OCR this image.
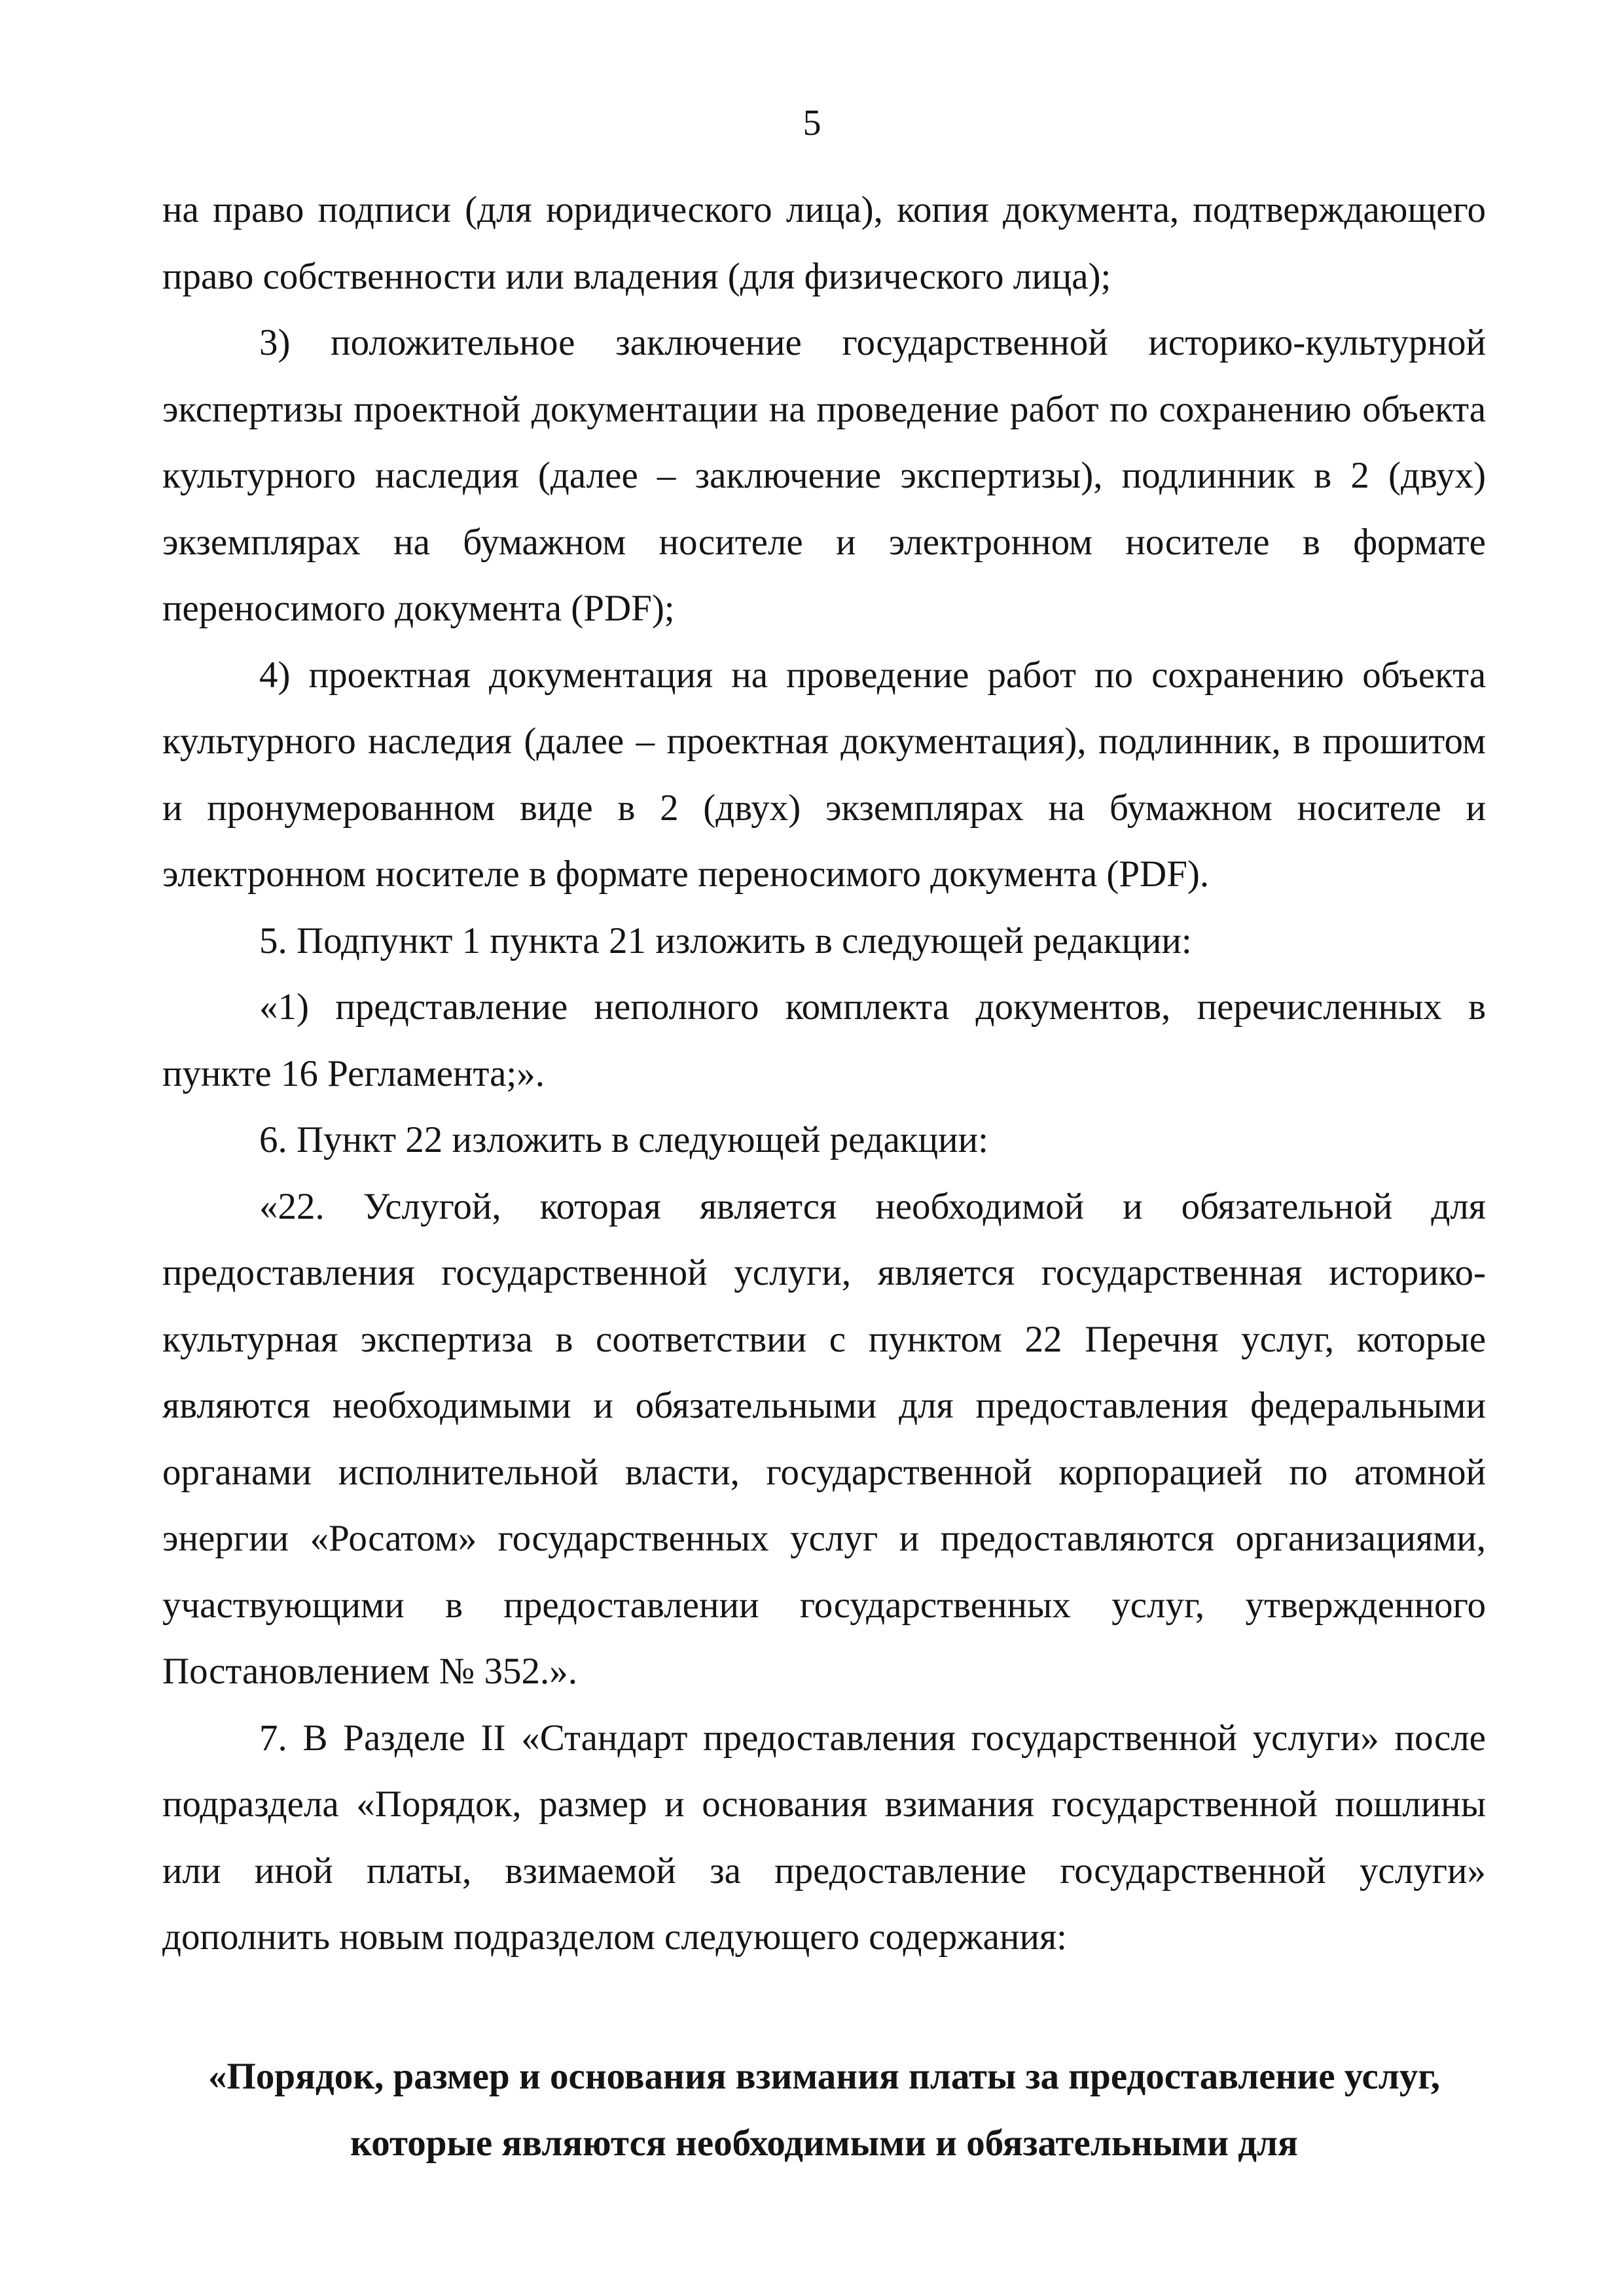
5

на право подписи (для юридического лица), копия документа, подтверждающего право собственности или владения (для физического лица);

3) положительное заключение государственной историко-культурной экспертизы проектной документации на проведение работ по сохранению объекта культурного наследия (далее – заключение экспертизы), подлинник в 2 (двух) экземплярах на бумажном носителе и электронном носителе в формате переносимого документа (PDF);

4) проектная документация на проведение работ по сохранению объекта культурного наследия (далее – проектная документация), подлинник, в прошитом и пронумерованном виде в 2 (двух) экземплярах на бумажном носителе и электронном носителе в формате переносимого документа (PDF).

5. Подпункт 1 пункта 21 изложить в следующей редакции:

«1) представление неполного комплекта документов, перечисленных в пункте 16 Регламента;».

6. Пункт 22 изложить в следующей редакции:

«22. Услугой, которая является необходимой и обязательной для предоставления государственной услуги, является государственная историко-культурная экспертиза в соответствии с пунктом 22 Перечня услуг, которые являются необходимыми и обязательными для предоставления федеральными органами исполнительной власти, государственной корпорацией по атомной энергии «Росатом» государственных услуг и предоставляются организациями, участвующими в предоставлении государственных услуг, утвержденного Постановлением № 352.».

7. В Разделе II «Стандарт предоставления государственной услуги» после подраздела «Порядок, размер и основания взимания государственной пошлины или иной платы, взимаемой за предоставление государственной услуги» дополнить новым подразделом следующего содержания:

«Порядок, размер и основания взимания платы за предоставление услуг,
которые являются необходимыми и обязательными для
